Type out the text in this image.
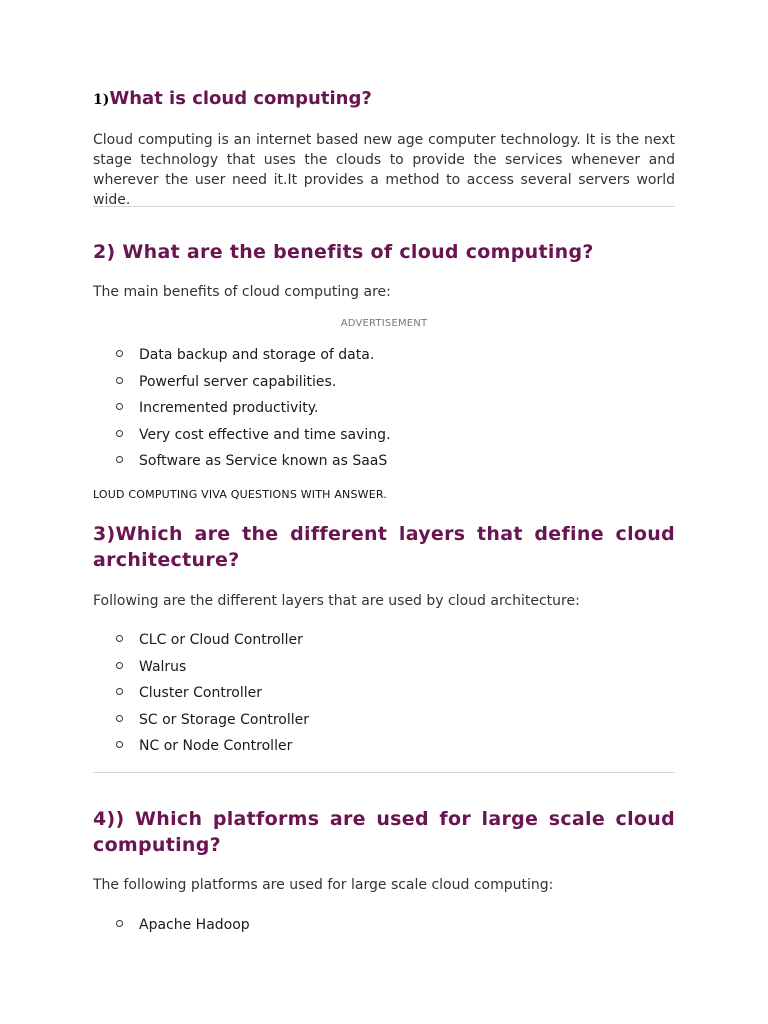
1)What is cloud computing?

Cloud computing is an internet based new age computer technology. It is the next stage technology that uses the clouds to provide the services whenever and wherever the user need it.It provides a method to access several servers world wide.

2) What are the benefits of cloud computing?

The main benefits of cloud computing are:

ADVERTISEMENT
Data backup and storage of data.
Powerful server capabilities.
Incremented productivity.
Very cost effective and time saving.
Software as Service known as SaaS

LOUD COMPUTING VIVA QUESTIONS WITH ANSWER.

3)Which are the different layers that define cloud architecture?

Following are the different layers that are used by cloud architecture:

CLC or Cloud Controller
Walrus
Cluster Controller
SC or Storage Controller
NC or Node Controller
4)) Which platforms are used for large scale cloud computing?

The following platforms are used for large scale cloud computing:

Apache Hadoop
